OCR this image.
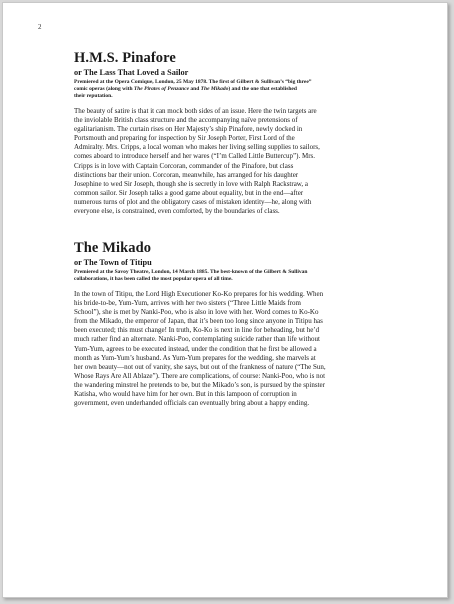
2
H.M.S. Pinafore
or The Lass That Loved a Sailor
Premiered at the Opera Comique, London, 25 May 1878. The first of Gilbert & Sullivan’s “big three”
comic operas (along with The Pirates of Penzance and The Mikado) and the one that established
their reputation.
The beauty of satire is that it can mock both sides of an issue. Here the twin targets are
the inviolable British class structure and the accompanying naïve pretensions of
egalitarianism. The curtain rises on Her Majesty’s ship Pinafore, newly docked in
Portsmouth and preparing for inspection by Sir Joseph Porter, First Lord of the
Admiralty. Mrs. Cripps, a local woman who makes her living selling supplies to sailors,
comes aboard to introduce herself and her wares (“I’m Called Little Buttercup”). Mrs.
Cripps is in love with Captain Corcoran, commander of the Pinafore, but class
distinctions bar their union. Corcoran, meanwhile, has arranged for his daughter
Josephine to wed Sir Joseph, though she is secretly in love with Ralph Rackstraw, a
common sailor. Sir Joseph talks a good game about equality, but in the end—after
numerous turns of plot and the obligatory cases of mistaken identity—he, along with
everyone else, is constrained, even comforted, by the boundaries of class.
The Mikado
or The Town of Titipu
Premiered at the Savoy Theatre, London, 14 March 1885. The best-known of the Gilbert & Sullivan
collaborations, it has been called the most popular opera of all time.
In the town of Titipu, the Lord High Executioner Ko-Ko prepares for his wedding. When
his bride-to-be, Yum-Yum, arrives with her two sisters (“Three Little Maids from
School”), she is met by Nanki-Poo, who is also in love with her. Word comes to Ko-Ko
from the Mikado, the emperor of Japan, that it’s been too long since anyone in Titipu has
been executed; this must change! In truth, Ko-Ko is next in line for beheading, but he’d
much rather find an alternate. Nanki-Poo, contemplating suicide rather than life without
Yum-Yum, agrees to be executed instead, under the condition that he first be allowed a
month as Yum-Yum’s husband. As Yum-Yum prepares for the wedding, she marvels at
her own beauty—not out of vanity, she says, but out of the frankness of nature (“The Sun,
Whose Rays Are All Ablaze”). There are complications, of course: Nanki-Poo, who is not
the wandering minstrel he pretends to be, but the Mikado’s son, is pursued by the spinster
Katisha, who would have him for her own. But in this lampoon of corruption in
government, even underhanded officials can eventually bring about a happy ending.
